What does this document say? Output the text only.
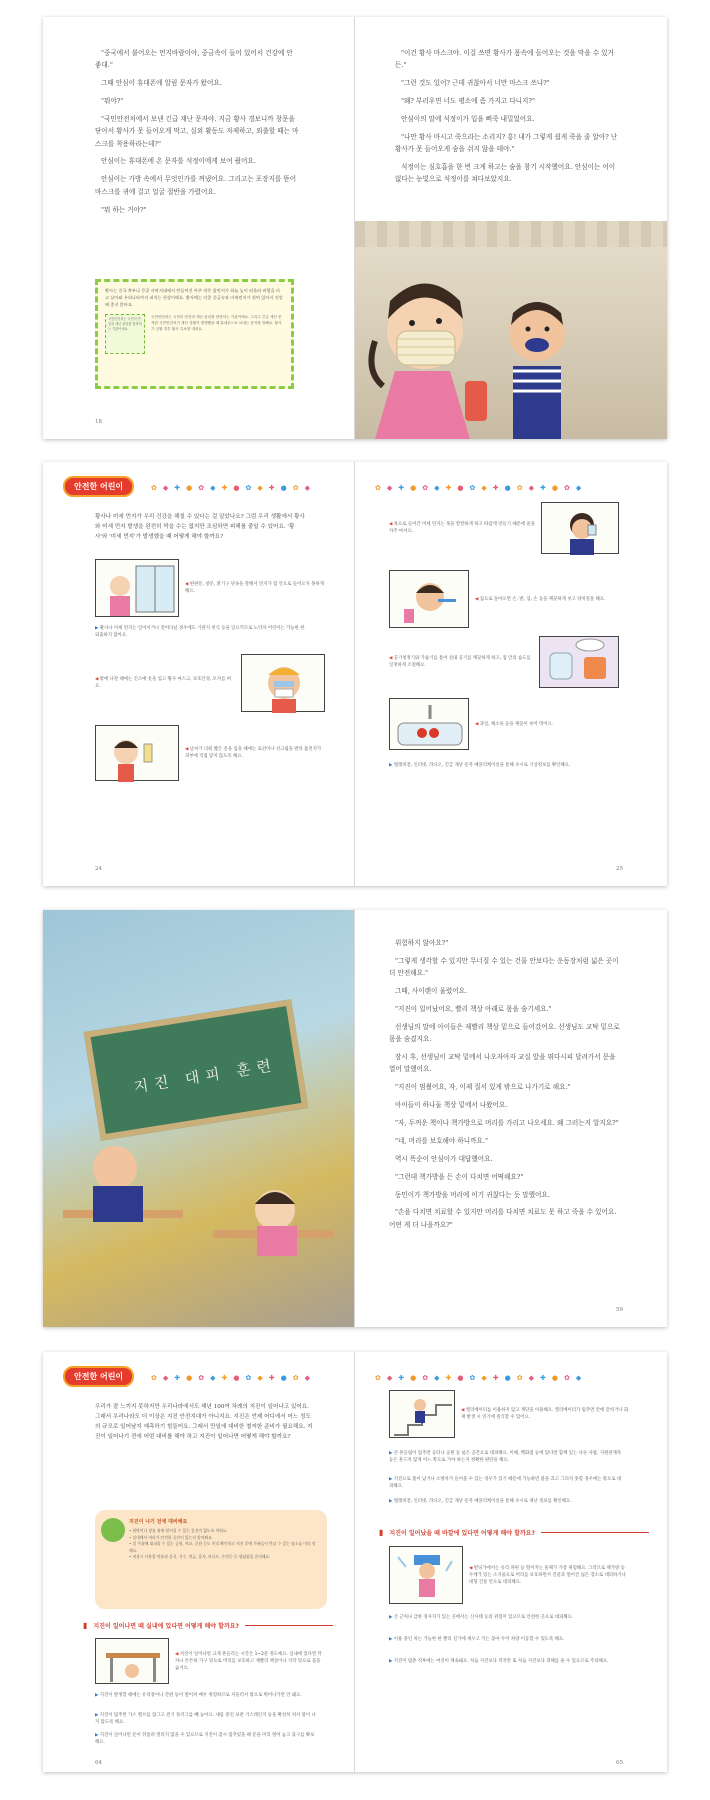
"중국에서 불어오는 먼지바람이야, 중금속이 들어 있어서 건강에 안 좋대."

그때 안심이 휴대폰에 알림 문자가 왔어요.

"뭐야?"

"국민안전처에서 보낸 긴급 재난 문자야. 지금 황사 경보니까 창문을 닫아서 황사가 못 들어오게 막고, 실외 활동도 자제하고, 외출할 때는 마스크를 착용하라는데?"

안심이는 휴대폰에 온 문자를 석정이에게 보여 줬어요.

안심이는 가방 속에서 무엇인가를 꺼냈어요. 그리고는 포장지를 뜯어 마스크를 귀에 걸고 얼굴 절반을 가렸어요.

"뭐 하는 거야?"

황사는 중국 북부나 몽골 사막지대에서 만들어진 아주 작은 흙먼지가 하늘 높이 떠올라 바람을 타고 날아와 우리나라까지 퍼지는 현상이에요. 황사에는 각종 중금속과 미세먼지가 섞여 있어서 건강에 좋지 않아요.
국민안전처는 국민의 안전과 재난 관리를 담당하는 기관이에요.
국민안전처는 국민의 안전과 재난 관리를 담당하는 기관이에요. 그리고 긴급 재난 문자란 국민안전처가 재난 상황이 발생했을 때 휴대폰으로 보내는 문자를 말해요. 황사가 심할 경우 황사 특보를 내려요.
18

"이건 황사 마스크야. 이걸 쓰면 황사가 몸속에 들어오는 것을 막을 수 있거든."

"그런 것도 있어? 근데 귀찮아서 너만 마스크 쓰냐?"

"왜? 부러우면 너도 평소에 좀 가지고 다니지?"

안심이의 말에 석정이가 입을 삐죽 내밀었어요.

"나만 황사 마시고 죽으라는 소리지? 흥! 내가 그렇게 쉽게 죽을 줄 알아? 난 황사가 못 들어오게 숨을 쉬지 않을 테야."

석정이는 심호흡을 한 번 크게 하고는 숨을 참기 시작했어요. 안심이는 어이없다는 눈빛으로 석정이를 쳐다보았지요.

안전한 어린이	✿ ◆ ✚ ● ✿ ◆ ✚ ● ✿ ◆ ✚ ● ✿ ◆
황사나 미세 먼지가 우리 건강을 해칠 수 있다는 걸 알았나요? 그럼 우리 생활에서 황사와 미세 먼지 발생을 완전히 막을 수는 없지만 조심하면 피해를 줄일 수 있어요. '황사'와 '미세 먼지'가 발생했을 때 어떻게 해야 할까요?
◀ 현관문, 창문, 환기구 단속을 잘해서 먼지가 집 안으로 들어오지 못하게 해요.
▶ 황사나 미세 먼지는 일어서거나 걸어다닐 경우에도 기관지 천식 등을 일으키므로 노약자 어린이는 가능한 한 외출하지 않아요.
◀ 밖에 나갈 때에는 긴소매 옷을 입고 황사 마스크, 보호안경, 모자를 써요.
◀ 날씨가 더워 짧은 옷을 입을 때에는 로션이나 선크림을 발라 흙먼지가 피부에 직접 닿지 않도록 해요.
24
✿ ◆ ✚ ● ✿ ◆ ✚ ● ✿ ◆ ✚ ● ✿ ◆ ✚ ● ✿ ◆
◀ 목으로 들어간 미세 먼지는 목을 칼칼하게 하고 따갑게 만들기 때문에 물을 자주 마셔요.
◀ 집으로 돌아오면 손, 발, 입, 손 등을 깨끗하게 씻고 양치질을 해요.
◀ 공기청정기와 가습기를 틀어 실내 공기를 깨끗하게 하고, 집 안의 습도를 일정하게 조절해요.
◀ 과일, 채소류 등을 깨끗이 씻어 먹어요.
▶ 텔레비전, 인터넷, 라디오, 긴급 재난 문자 애플리케이션을 통해 수시로 기상정보를 확인해요.
25
지진 대피 훈련

위험하지 않아요?"

"그렇게 생각할 수 있지만 무너질 수 있는 건물 안보다는 운동장처럼 넓은 곳이 더 안전해요."

그때, 사이렌이 울렸어요.

"지진이 일어났어요, 빨리 책상 아래로 몸을 숨기세요."

선생님의 말에 아이들은 재빨리 책상 밑으로 들어갔어요. 선생님도 교탁 밑으로 몸을 숨겼지요.

잠시 후, 선생님이 교탁 밑에서 나오자아자 교실 앞을 뛰다시피 달려가서 문을 열어 말했어요.

"지진이 멈췄어요, 자, 이제 질서 있게 밖으로 나가기로 해요."

아이들이 하나둘 책상 밑에서 나왔어요.

"자, 두꺼운 책이나 책가방으로 머리를 가리고 나오세요. 왜 그러는지 알지요?"

"네, 머리를 보호해야 하니까요."

역시 똑순이 안심이가 대답했어요.

"그런데 책가방을 든 손이 다치면 어떡해요?"

동민이가 책가방을 머리에 이기 귀찮다는 듯 말했어요.

"손을 다치면 치료할 수 있지만 머리를 다치면 치료도 못 하고 죽을 수 있어요. 어떤 게 더 나을까요?"

59
안전한 어린이	✿ ◆ ✚ ● ✿ ◆ ✚ ● ✿ ◆ ✚ ● ✿ ◆
우리가 잘 느끼지 못하지만 우리나라에서도 해년 100여 차례의 지진이 일어나고 있어요. 그래서 우리나라도 더 이상은 지진 안전지대가 아니지요. 지진은 언제 어디에서 어느 정도의 규모로 일어날지 예측하기 힘들어요. 그래서 만일에 대비한 철저한 준비가 필요해요. 지진이 일어나기 전에 어떤 대비를 해야 하고 지진이 일어나면 어떻게 해야 할까요?
지진이 나기 전에 대비해요
• 원탁이나 장롱 위에 떨어질 수 있는 물건이 없도록 치워요.
• 실내에서 머리가 안전한 공간이 있는지 알아봐요.
• 집 주위에 대피할 수 있는 공원, 학교, 공원 등도 미리 확인하고 지진 후에 가족들이 만날 수 있는 장소를 미리 정해요.
• 비상시 사용할 약품과 음식, 식수, 현금, 휴지, 라디오, 손전등 등 생필품을 준비해요.
▮ 지진이 일어나면 때 실내에 있다면 어떻게 해야 할까요?
◀ 지진이 일어나면 크게 흔들리는 시간은 1~2분 정도예요. 심내에 있다면 탁자나 튼튼하 가구 밑으로 머리를 보호하고 재빨리 책상이나 식탁 밑으로 몸을 숨겨요.
▶ 지진이 발생할 때에는 유리창이나 간판 등이 떨어져 매우 위험하므로 서둘러서 밖으로 뛰어나가면 안 돼요.
▶ 지진이 멈추면 가스 밸브를 잠그고 전기 플러그를 빼 놓아요. 새롬 중인 보관 기스레인지 등을 확실히 꺼서 불이 나지 않도록 해요.
▶ 지진이 일어나면 문이 뒤틀려 열리지 않을 수 있으므로 지진이 잠시 멈추었을 때 문을 미리 열어 놓고 출구를 확보해요.
64
✿ ◆ ✚ ● ✿ ◆ ✚ ● ✿ ◆ ✚ ● ✿ ◆ ✚ ● ✿ ◆
◀ 엘리베이터를 이용하지 않고 계단을 이용해요. 엘리베이터가 멈추면 안에 갇히거나 화재 발생 시 연기에 질식할 수 있어요.
▶ 큰 흔들림이 멈추면 공터나 공원 등 넓은 공간으로 대피해요. 이때, 백화점 등에 있다면 함께 있는 다른 사람, 지원관계자 등은 흔드지 않게 어느 쪽으로 가야 하는지 정확한 판단을 해요.
▶ 지진으로 불이 났거나 소방차가 들어올 수 있는 경우가 있기 때문에 가능하면 불을 끄고 그리지 못할 경우에는 밖으로 대피해요.
▶ 텔레비전, 인터넷, 라디오, 긴급 재난 문자 애플리케이션을 통해 수시로 재난 정보를 확인해요.
▮ 지진이 일어났을 때 바깥에 있다면 어떻게 해야 할까요?
◀ 빌딩가에서는 유리 파편 등 떨어지는 물체가 가장 위험해요. 그러므로 책가방 등 두께가 있는 소지품으로 머리를 보호하면서 건물과 떨어진 넓은 장소로 대피하거나 대형 건물 안으로 대피해요.
▶ 산 근처나 급한 경사지가 있는 곳에서는 산사태 등의 위험이 있으므로 안전한 곳으로 대피해요.
▶ 이용 중인 차는 가능한 한 빨리 길가에 세우고 키는 꽂아 두어 차량 이동할 수 있도록 해요.
▶ 지진이 멈춘 직후에는 여진이 계속돼요. 처음 지진보다 작지만 또 처음 지진보다 피해를 줄 수 있으므로 주의해요.
65
